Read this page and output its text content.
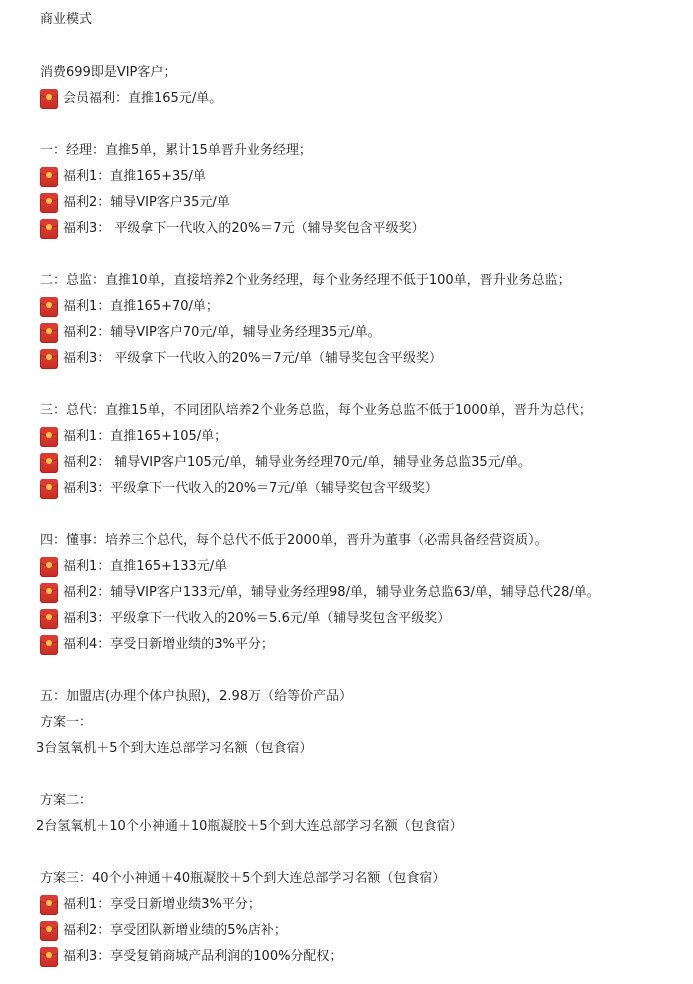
商业模式
消费699即是VIP客户；
会员福利：直推165元/单。
一：经理：直推5单，累计15单晋升业务经理；
福利1：直推165+35/单
福利2：辅导VIP客户35元/单
福利3： 平级拿下一代收入的20%＝7元（辅导奖包含平级奖）
二：总监：直推10单，直接培养2个业务经理，每个业务经理不低于100单，晋升业务总监；
福利1：直推165+70/单；
福利2：辅导VIP客户70元/单，辅导业务经理35元/单。
福利3： 平级拿下一代收入的20%＝7元/单（辅导奖包含平级奖）
三：总代：直推15单，不同团队培养2个业务总监，每个业务总监不低于1000单，晋升为总代；
福利1：直推165+105/单；
福利2： 辅导VIP客户105元/单，辅导业务经理70元/单，辅导业务总监35元/单。
福利3：平级拿下一代收入的20%＝7元/单（辅导奖包含平级奖）
四：懂事：培养三个总代，每个总代不低于2000单，晋升为董事（必需具备经营资质）。
福利1：直推165+133元/单
福利2：辅导VIP客户133元/单，辅导业务经理98/单，辅导业务总监63/单，辅导总代28/单。
福利3：平级拿下一代收入的20%＝5.6元/单（辅导奖包含平级奖）
福利4：享受日新增业绩的3%平分；
五：加盟店(办理个体户执照)，2.98万（给等价产品）
方案一：
3台氢氧机＋5个到大连总部学习名额（包食宿）
方案二：
2台氢氧机＋10个小神通＋10瓶凝胶＋5个到大连总部学习名额（包食宿）
方案三：40个小神通＋40瓶凝胶＋5个到大连总部学习名额（包食宿）
福利1：享受日新增业绩3%平分；
福利2：享受团队新增业绩的5%店补；
福利3：享受复销商城产品利润的100%分配权；
